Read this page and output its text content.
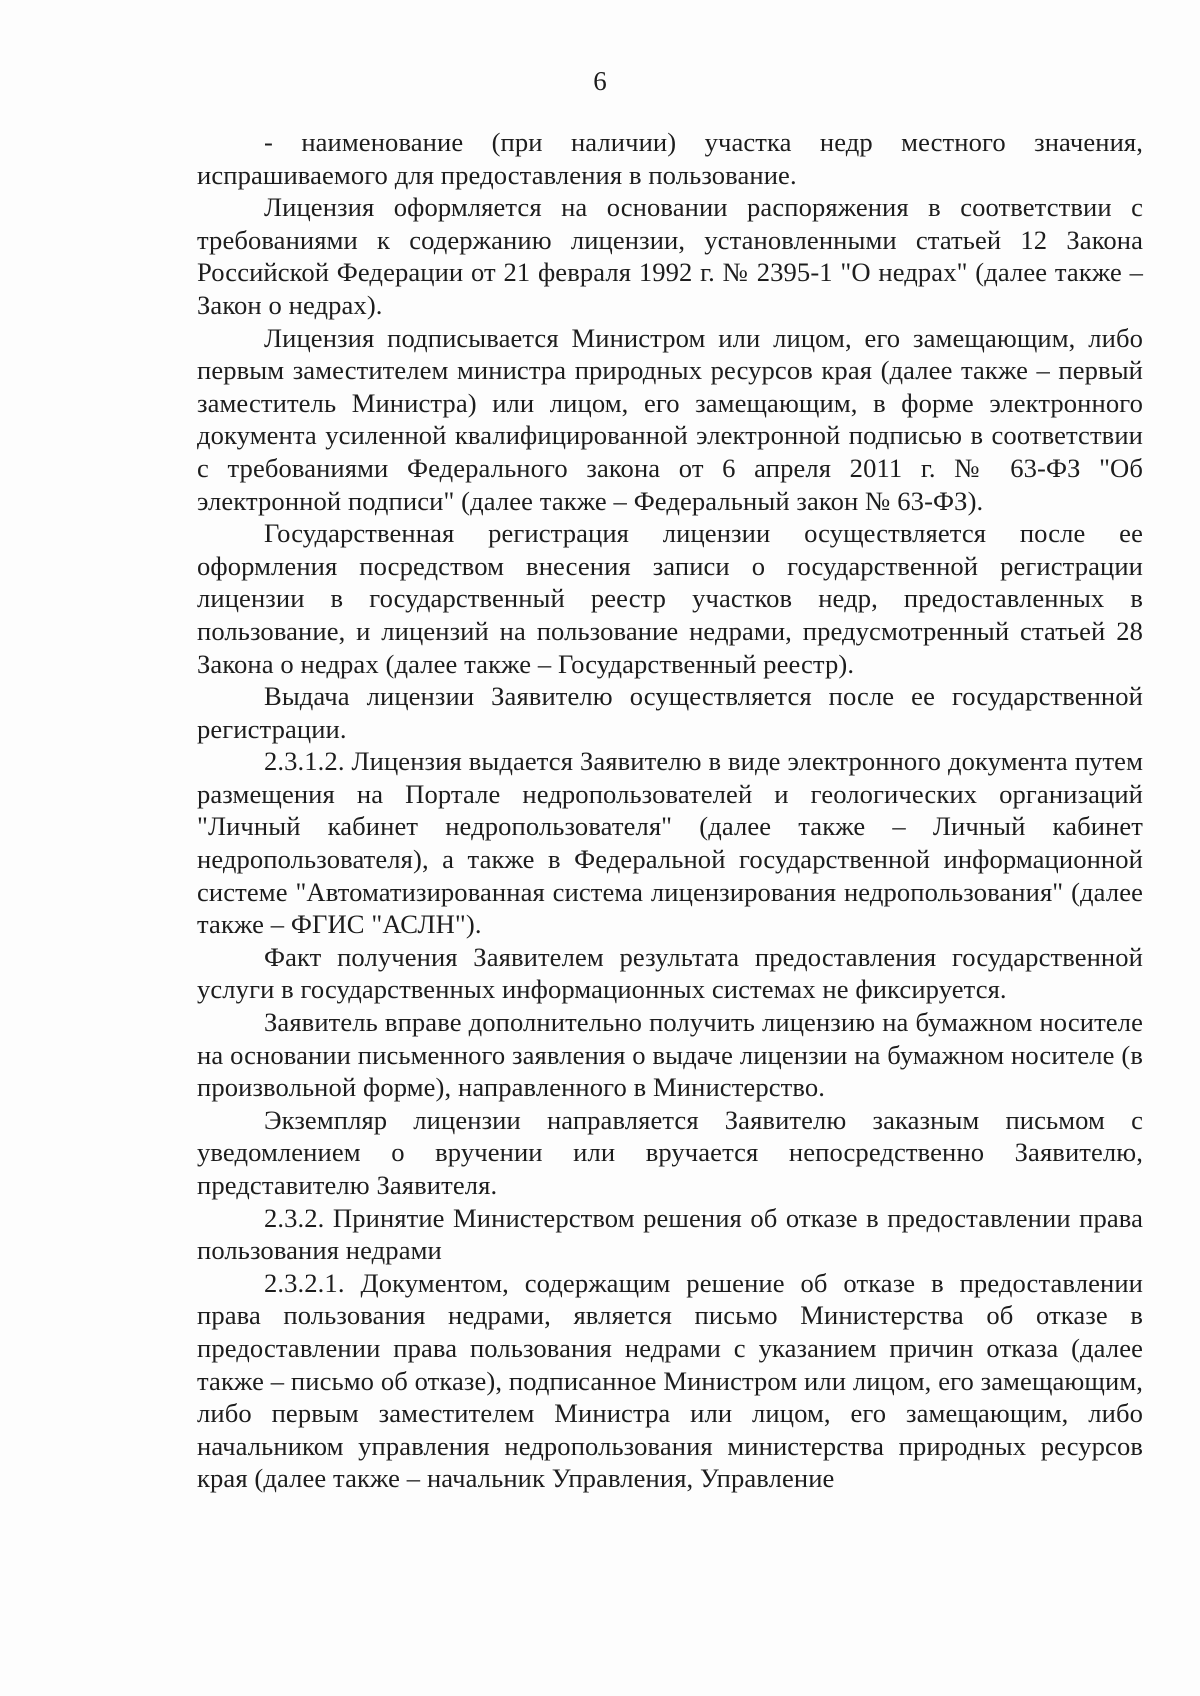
6

- наименование (при наличии) участка недр местного значения, испрашиваемого для предоставления в пользование.

Лицензия оформляется на основании распоряжения в соответствии с требованиями к содержанию лицензии, установленными статьей 12 Закона Российской Федерации от 21 февраля 1992 г. № 2395-1 "О недрах" (далее также – Закон о недрах).

Лицензия подписывается Министром или лицом, его замещающим, либо первым заместителем министра природных ресурсов края (далее также – первый заместитель Министра) или лицом, его замещающим, в форме электронного документа усиленной квалифицированной электронной подписью в соответствии с требованиями Федерального закона от 6 апреля 2011 г. № 63-ФЗ "Об электронной подписи" (далее также – Федеральный закон № 63-ФЗ).

Государственная регистрация лицензии осуществляется после ее оформления посредством внесения записи о государственной регистрации лицензии в государственный реестр участков недр, предоставленных в пользование, и лицензий на пользование недрами, предусмотренный статьей 28 Закона о недрах (далее также – Государственный реестр).

Выдача лицензии Заявителю осуществляется после ее государственной регистрации.

2.3.1.2. Лицензия выдается Заявителю в виде электронного документа путем размещения на Портале недропользователей и геологических организаций "Личный кабинет недропользователя" (далее также – Личный кабинет недропользователя), а также в Федеральной государственной информационной системе "Автоматизированная система лицензирования недропользования" (далее также – ФГИС "АСЛН").

Факт получения Заявителем результата предоставления государственной услуги в государственных информационных системах не фиксируется.

Заявитель вправе дополнительно получить лицензию на бумажном носителе на основании письменного заявления о выдаче лицензии на бумажном носителе (в произвольной форме), направленного в Министерство.

Экземпляр лицензии направляется Заявителю заказным письмом с уведомлением о вручении или вручается непосредственно Заявителю, представителю Заявителя.

2.3.2. Принятие Министерством решения об отказе в предоставлении права пользования недрами

2.3.2.1. Документом, содержащим решение об отказе в предоставлении права пользования недрами, является письмо Министерства об отказе в предоставлении права пользования недрами с указанием причин отказа (далее также – письмо об отказе), подписанное Министром или лицом, его замещающим, либо первым заместителем Министра или лицом, его замещающим, либо начальником управления недропользования министерства природных ресурсов края (далее также – начальник Управления, Управление
